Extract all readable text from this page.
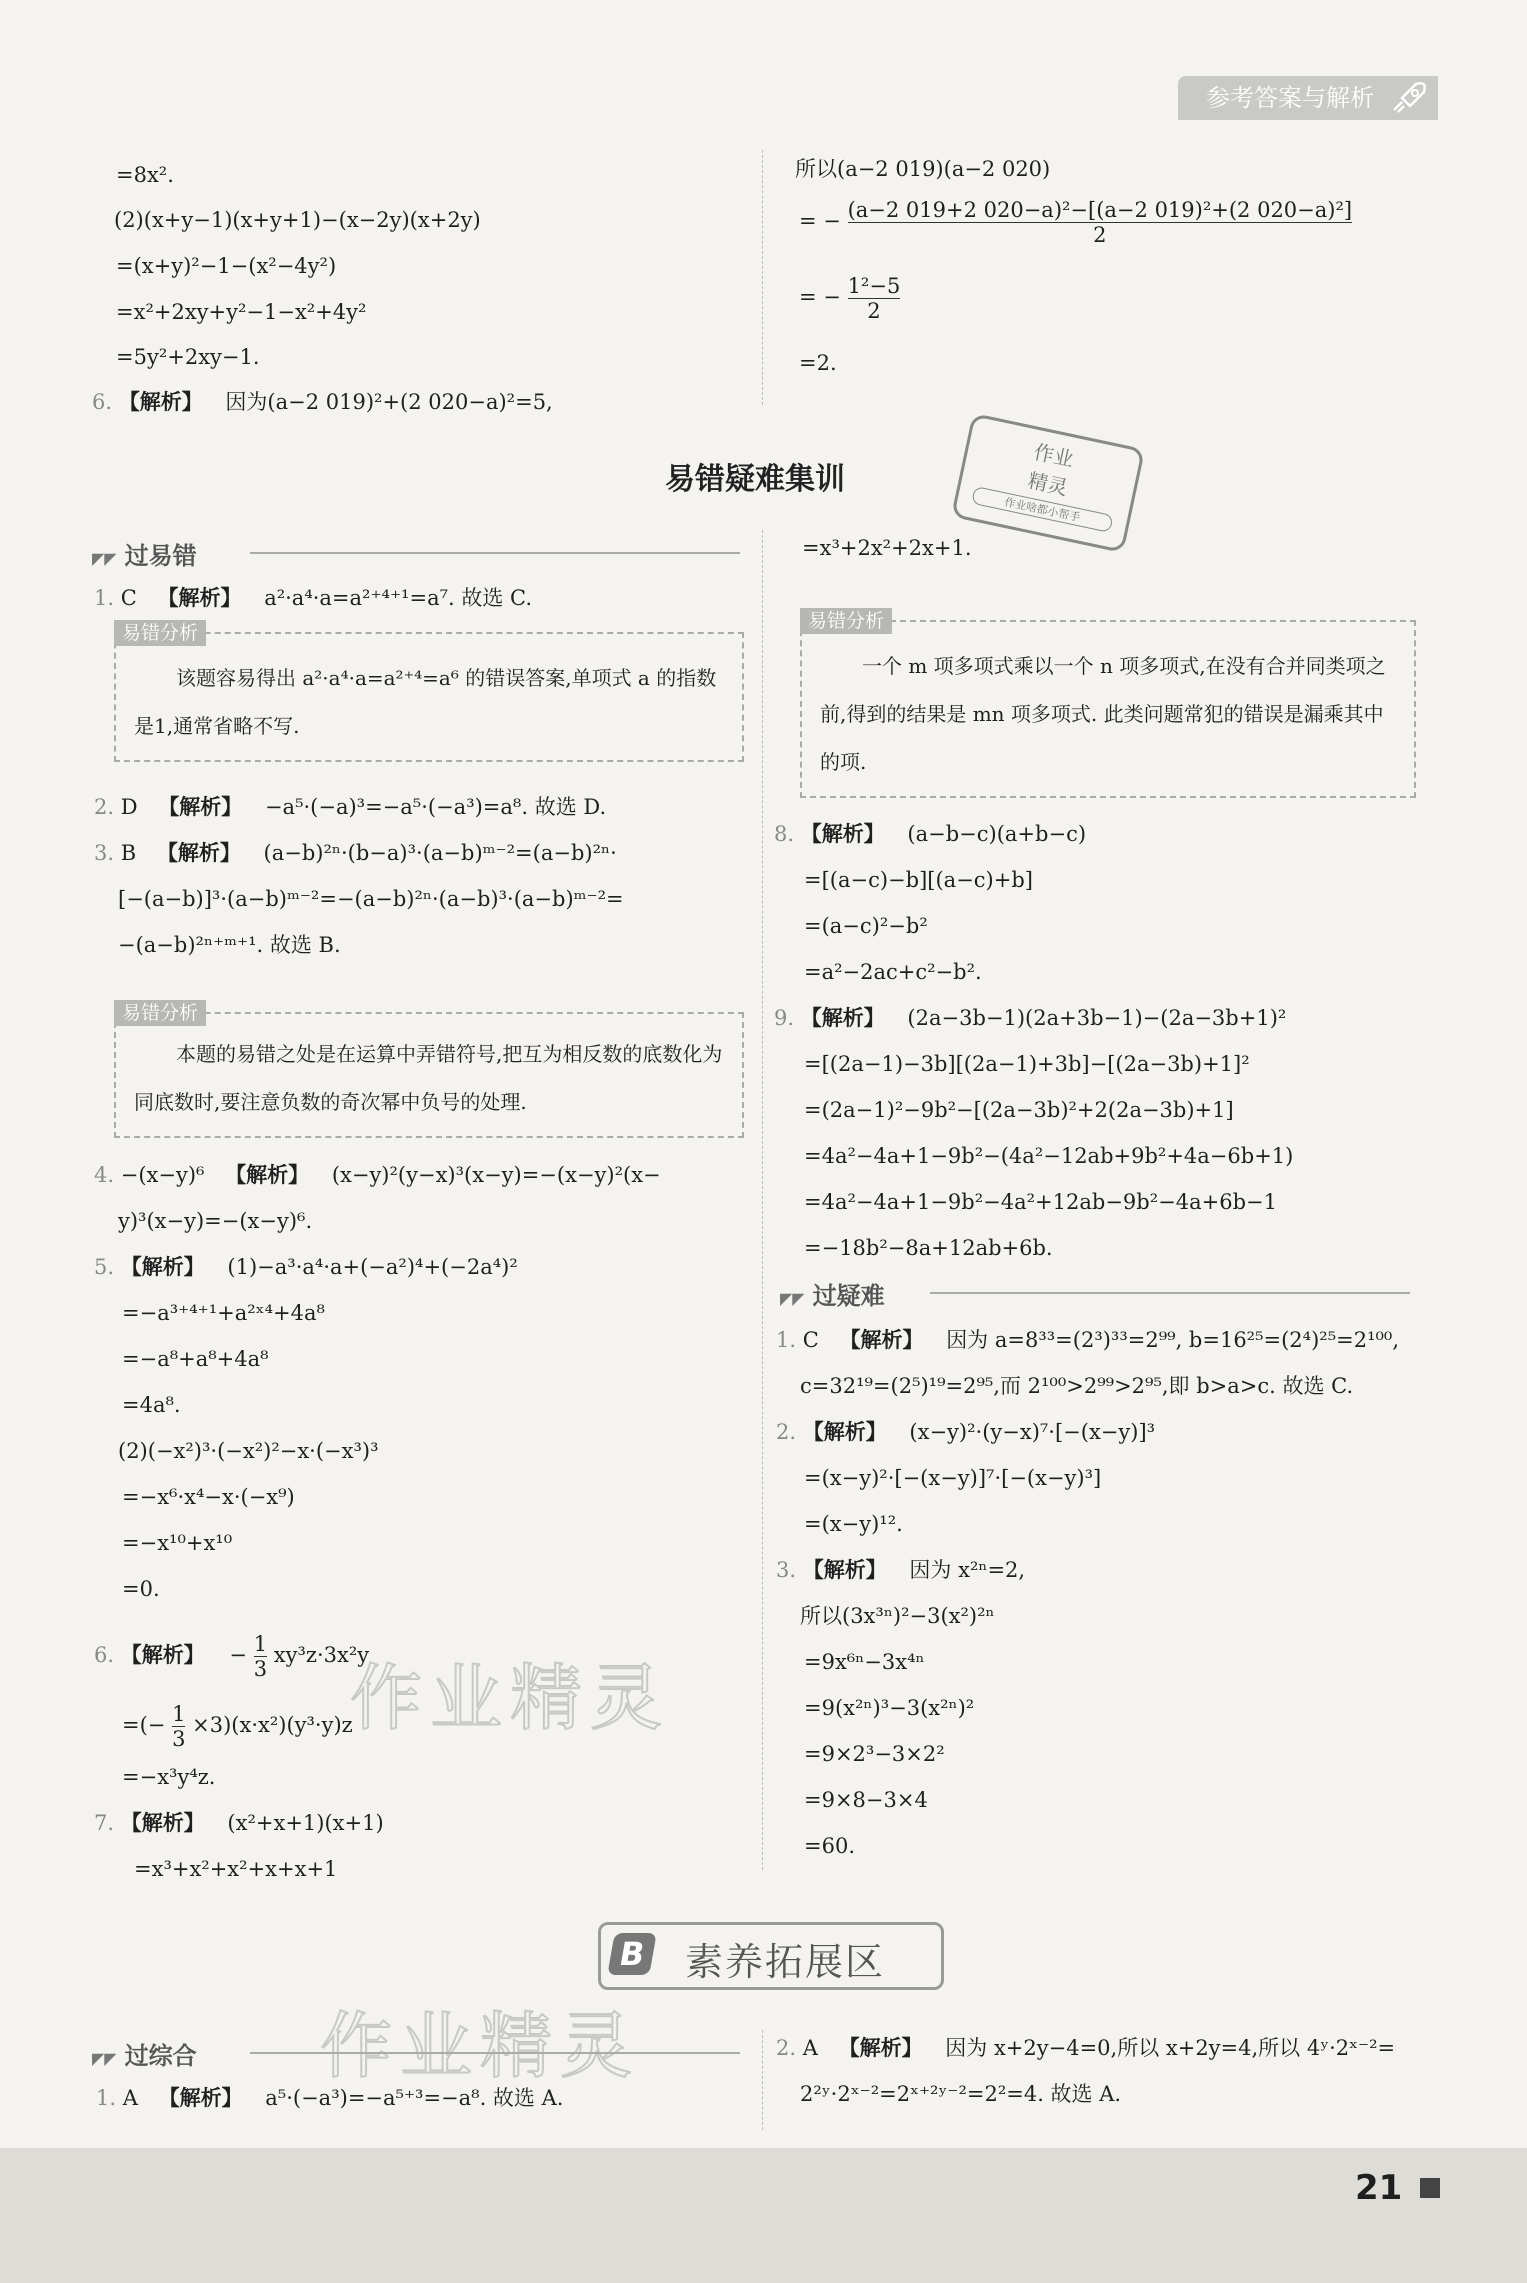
参考答案与解析
=8x².
(2)(x+y−1)(x+y+1)−(x−2y)(x+2y)
=(x+y)²−1−(x²−4y²)
=x²+2xy+y²−1−x²+4y²
=5y²+2xy−1.
6. 【解析】 因为(a−2 019)²+(2 020−a)²=5,
所以(a−2 019)(a−2 020)
= − $\frac{\text{(a−2 019+2 020−a)²−[(a−2 019)²+(2 020−a)²]}}{2}$
= − $\frac{\text{1²−5}}{2}$
=2.
易错疑难集训
作业
精灵
作业啥都小帮手
◤◤ 过易错
1. C 【解析】 a²·a⁴·a=a²⁺⁴⁺¹=a⁷. 故选 C.
易错分析
该题容易得出 a²·a⁴·a=a²⁺⁴=a⁶ 的错误答案,单项式 a 的指数是1,通常省略不写.
2. D 【解析】 −a⁵·(−a)³=−a⁵·(−a³)=a⁸. 故选 D.
3. B 【解析】 (a−b)²ⁿ·(b−a)³·(a−b)ᵐ⁻²=(a−b)²ⁿ·
[−(a−b)]³·(a−b)ᵐ⁻²=−(a−b)²ⁿ·(a−b)³·(a−b)ᵐ⁻²=
−(a−b)²ⁿ⁺ᵐ⁺¹. 故选 B.
易错分析
本题的易错之处是在运算中弄错符号,把互为相反数的底数化为同底数时,要注意负数的奇次幂中负号的处理.
4. −(x−y)⁶ 【解析】 (x−y)²(y−x)³(x−y)=−(x−y)²(x−
y)³(x−y)=−(x−y)⁶.
5. 【解析】 (1)−a³·a⁴·a+(−a²)⁴+(−2a⁴)²
=−a³⁺⁴⁺¹+a²ˣ⁴+4a⁸
=−a⁸+a⁸+4a⁸
=4a⁸.
(2)(−x²)³·(−x²)²−x·(−x³)³
=−x⁶·x⁴−x·(−x⁹)
=−x¹⁰+x¹⁰
=0.
6. 【解析】 − $\frac{1}{3} xy^3z\cdot 3x^2y$
=(− $\frac{1}{3} \times 3)(x\cdot x^2)(y^3\cdot y)z$
=−x³y⁴z.
7. 【解析】 (x²+x+1)(x+1)
=x³+x²+x²+x+x+1
=x³+2x²+2x+1.
易错分析
一个 m 项多项式乘以一个 n 项多项式,在没有合并同类项之前,得到的结果是 mn 项多项式. 此类问题常犯的错误是漏乘其中的项.
8. 【解析】 (a−b−c)(a+b−c)
=[(a−c)−b][(a−c)+b]
=(a−c)²−b²
=a²−2ac+c²−b².
9. 【解析】 (2a−3b−1)(2a+3b−1)−(2a−3b+1)²
=[(2a−1)−3b][(2a−1)+3b]−[(2a−3b)+1]²
=(2a−1)²−9b²−[(2a−3b)²+2(2a−3b)+1]
=4a²−4a+1−9b²−(4a²−12ab+9b²+4a−6b+1)
=4a²−4a+1−9b²−4a²+12ab−9b²−4a+6b−1
=−18b²−8a+12ab+6b.
◤◤ 过疑难
1. C 【解析】 因为 a=8³³=(2³)³³=2⁹⁹, b=16²⁵=(2⁴)²⁵=2¹⁰⁰,
c=32¹⁹=(2⁵)¹⁹=2⁹⁵,而 2¹⁰⁰>2⁹⁹>2⁹⁵,即 b>a>c. 故选 C.
2. 【解析】 (x−y)²·(y−x)⁷·[−(x−y)]³
=(x−y)²·[−(x−y)]⁷·[−(x−y)³]
=(x−y)¹².
3. 【解析】 因为 x²ⁿ=2,
所以(3x³ⁿ)²−3(x²)²ⁿ
=9x⁶ⁿ−3x⁴ⁿ
=9(x²ⁿ)³−3(x²ⁿ)²
=9×2³−3×2²
=9×8−3×4
=60.
作业精灵
作业精灵
B 素养拓展区
◤◤ 过综合
1. A 【解析】 a⁵·(−a³)=−a⁵⁺³=−a⁸. 故选 A.
2. A 【解析】 因为 x+2y−4=0,所以 x+2y=4,所以 4ʸ·2ˣ⁻²=
2²ʸ·2ˣ⁻²=2ˣ⁺²ʸ⁻²=2²=4. 故选 A.
21
